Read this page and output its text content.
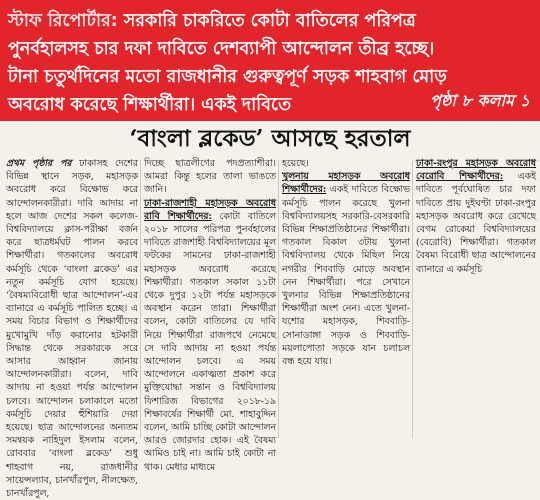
স্টাফ রিপোর্টার: সরকারি চাকরিতে কোটা বাতিলের পরিপত্র
পুনর্বহালসহ চার দফা দাবিতে দেশব্যাপী আন্দোলন তীব্র হচ্ছে।
টানা চতুর্থদিনের মতো রাজধানীর গুরুত্বপূর্ণ সড়ক শাহবাগ মোড়
অবরোধ করেছে শিক্ষার্থীরা। একই দাবিতে	পৃষ্ঠা ৮ কলাম ১
‘বাংলা ব্লকেড’ আসছে হরতাল

প্রথম পৃষ্ঠার পর ঢাকাসহ দেশের বিভিন্ন স্থানে সড়ক, মহাসড়ক অবরোধ করে বিক্ষোভ করে আন্দোলনকারীরা। দাবি আদায় না হলে আজ দেশের সকল কলেজ-বিশ্ববিদ্যালয়ে ক্লাস-পরীক্ষা বর্জন করে ছাত্রধর্মঘট পালন করবে শিক্ষার্থীরা। গতকালের অবরোধ কর্মসূচি থেকে ‘বাংলা ব্লকেড’ এর নতুন কর্মসূচি যোগ হয়েছে। ‘বৈষম্যবিরোধী ছাত্র আন্দোলন’-এর ব্যানারে এ কর্মসূচি পালিত হচ্ছে। এ সময় বিচার বিভাগ ও শিক্ষার্থীদের মুখোমুখি দাঁড় করানোর হটকারী সিদ্ধান্ত থেকে সরকারকে সরে আসার আহ্বান জানায় আন্দোলনকারীরা। বলেন, দাবি আদায় না হওয়া পর্যন্ত আন্দোলন চলবে। আন্দোলন চলাকালে মতো কর্মসূচি দেয়ার হুঁশিয়ারি দেয়া হয়েছে। ছাত্র আন্দোলনের অন্যতম সমন্বয়ক নাহিদুল ইসলাম বলেন, রোববার ‘বাংলা ব্লকেড’ শুধু শাহবাগ নয়, রাজধানীর সায়েন্সল্যাব, চানখাঁরপুল, নীলক্ষেত, চানখাঁরপুল,

দিচ্ছে ছাত্রলীগের পদপ্রত্যাশীরা। আমরা কিন্তু হলের তালা ভাঙতে জানি।

ঢাকা-রাজশাহী মহাসড়ক অবরোধ রাবি শিক্ষার্থীদের: কোটা বাতিলে ২০১৮ সালের পরিপত্র পুনর্বহালের দাবিতে রাজশাহী বিশ্ববিদ্যালয়ের মূল ফটকের সামনের ঢাকা-রাজশাহী মহাসড়ক অবরোধ করেছে শিক্ষার্থীরা। গতকাল সকাল ১১টা থেকে দুপুর ১২টা পর্যন্ত মহাসড়কে অবস্থান করেন তারা। শিক্ষার্থীরা বলেন, কোটা বাতিলের যে দাবি নিয়ে শিক্ষার্থীরা রাজপথে নেমেছে সে দাবি আদায় না হওয়া পর্যন্ত আন্দোলন চলবে। এ সময় আন্দোলনে একাত্মতা প্রকাশ করে মুক্তিযোদ্ধা সন্তান ও বিশ্ববিদ্যালয় ফিশারিজ বিভাগের ২০১৮-১৯ শিক্ষাবর্ষের শিক্ষার্থী মো. শাহাবুদ্দিন বলেন, আমি চাচ্ছি কোটা আন্দোলন আরও জোরদার হোক। এই বৈষম্য আমিও চাই না। আমি চাই কোটা না থাক। মেধার মাধ্যমে

হয়েছে।

খুলনায় মহাসড়ক অবরোধ শিক্ষার্থীদের: একই দাবিতে বিক্ষোভ কর্মসূচি পালন করেছে খুলনা বিশ্ববিদ্যালয়সহ সরকারি-বেসরকারি বিভিন্ন শিক্ষাপ্রতিষ্ঠানের শিক্ষার্থীরা। গতকাল বিকাল ৩টায় খুলনা বিশ্ববিদ্যালয় থেকে মিছিল নিয়ে নগরীর শিববাড়ি মোড়ে অবস্থান নেন শিক্ষার্থীরা। পরে সেখানে খুলনার বিভিন্ন শিক্ষাপ্রতিষ্ঠানের শিক্ষার্থীরা অংশ নেন। এতে খুলনা-যশোর মহাসড়ক, শিববাড়ি-সোনাডাঙ্গা সড়ক ও শিববাড়ি-ময়লাপোতা সড়কে যান চলাচল বন্ধ হয়ে যায়।

ঢাকা-রংপুর মহাসড়ক অবরোধ বেরোবি শিক্ষার্থীদের: একই দাবিতে পূর্বঘোষিত চার দফা দাবিতে প্রায় দুইঘণ্টা ঢাকা-রংপুর মহাসড়ক অবরোধ করে রেখেছে বেগম রোকেয়া বিশ্ববিদ্যালয়ের (বেরোবি) শিক্ষার্থীরা। গতকাল বৈষম্য বিরোধী ছাত্র আন্দোলনের ব্যানারে এ কর্মসূচি
